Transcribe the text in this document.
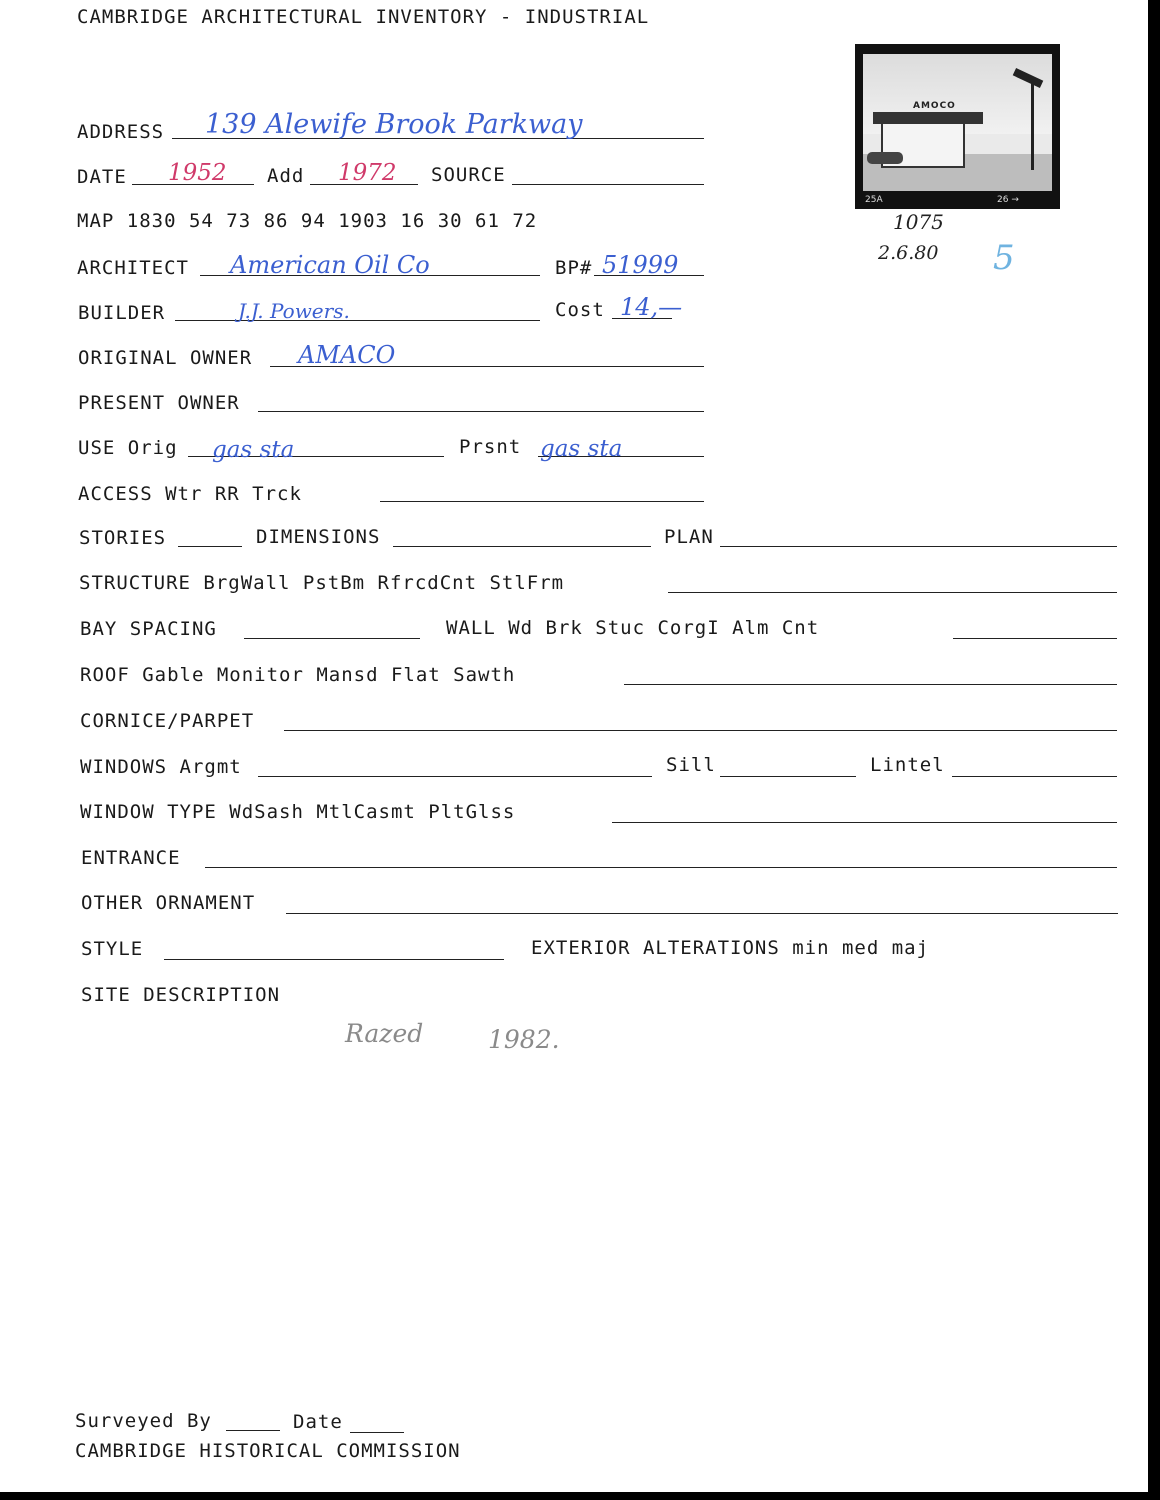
CAMBRIDGE ARCHITECTURAL INVENTORY - INDUSTRIAL
AMOCO
25A	26 →
1075
2.6.80 5
ADDRESS 139 Alewife Brook Parkway
DATE 1952 Add 1972 SOURCE
MAP 1830 54 73 86 94 1903 16 30 61 72
ARCHITECT American Oil Co	BP# 51999
BUILDER	J.J. Powers.	Cost 14,—
ORIGINAL OWNER AMACO
PRESENT OWNER
USE Orig gas sta	Prsnt gas sta
ACCESS Wtr RR Trck
STORIES	DIMENSIONS	PLAN
STRUCTURE BrgWall PstBm RfrcdCnt StlFrm
BAY SPACING	WALL Wd Brk Stuc CorgI Alm Cnt
ROOF Gable Monitor Mansd Flat Sawth
CORNICE/PARPET
WINDOWS Argmt	Sill	Lintel
WINDOW TYPE WdSash MtlCasmt PltGlss
ENTRANCE
OTHER ORNAMENT
STYLE	EXTERIOR ALTERATIONS min med maj
SITE DESCRIPTION
Razed	1982.
Surveyed By	Date
CAMBRIDGE HISTORICAL COMMISSION
